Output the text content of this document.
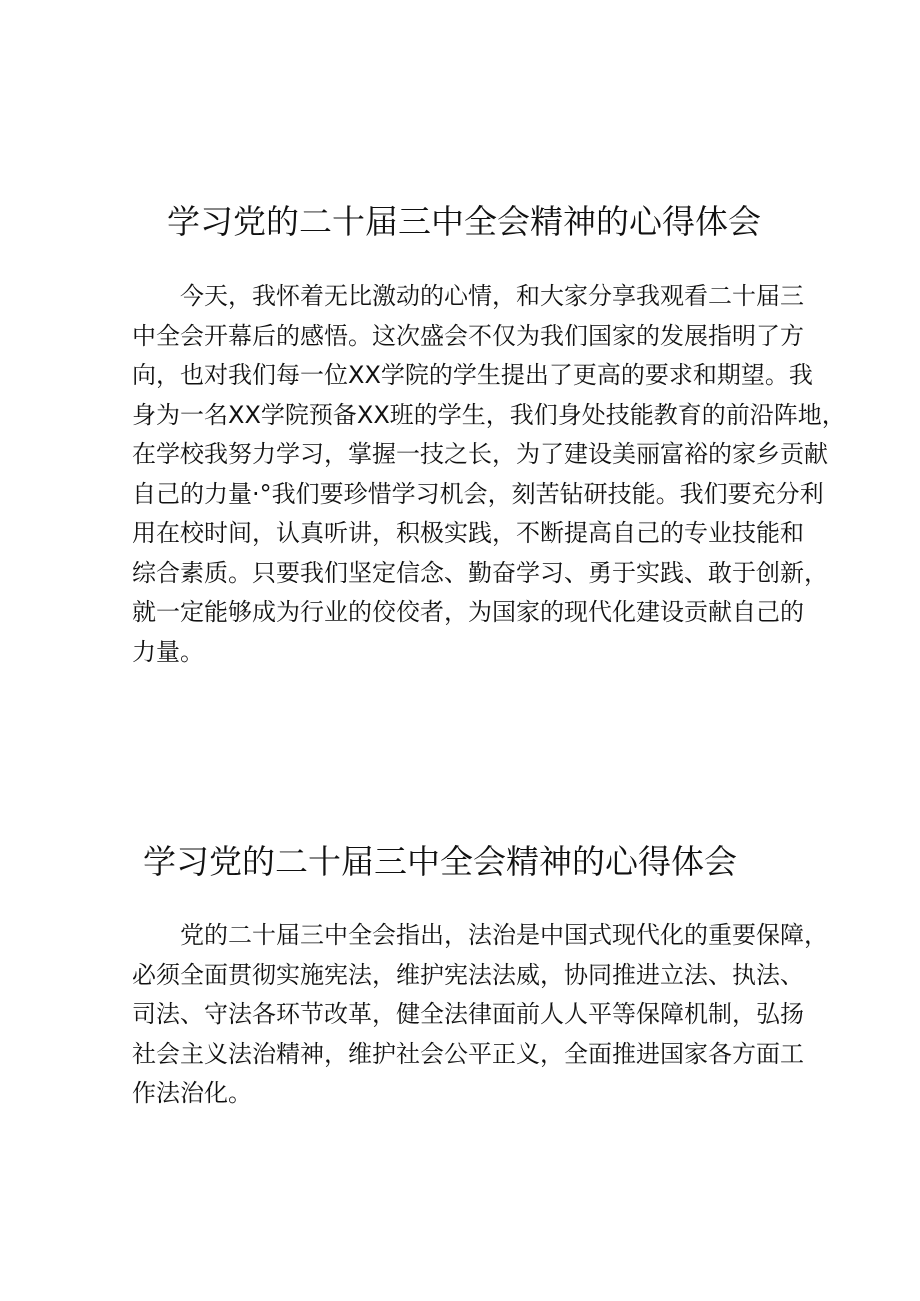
学习党的二十届三中全会精神的心得体会
今天，我怀着无比激动的心情，和大家分享我观看二十届三
中全会开幕后的感悟。这次盛会不仅为我们国家的发展指明了方
向，也对我们每一位XX学院的学生提出了更高的要求和期望。我
身为一名XX学院预备XX班的学生，我们身处技能教育的前沿阵地，
在学校我努力学习，掌握一技之长，为了建设美丽富裕的家乡贡献
自己的力量·°我们要珍惜学习机会，刻苦钻研技能。我们要充分利
用在校时间，认真听讲，积极实践，不断提高自己的专业技能和
综合素质。只要我们坚定信念、勤奋学习、勇于实践、敢于创新，
就一定能够成为行业的佼佼者，为国家的现代化建设贡献自己的
力量。
学习党的二十届三中全会精神的心得体会
党的二十届三中全会指出，法治是中国式现代化的重要保障，
必须全面贯彻实施宪法，维护宪法法威，协同推进立法、执法、
司法、守法各环节改革，健全法律面前人人平等保障机制，弘扬
社会主义法治精神，维护社会公平正义，全面推进国家各方面工
作法治化。
